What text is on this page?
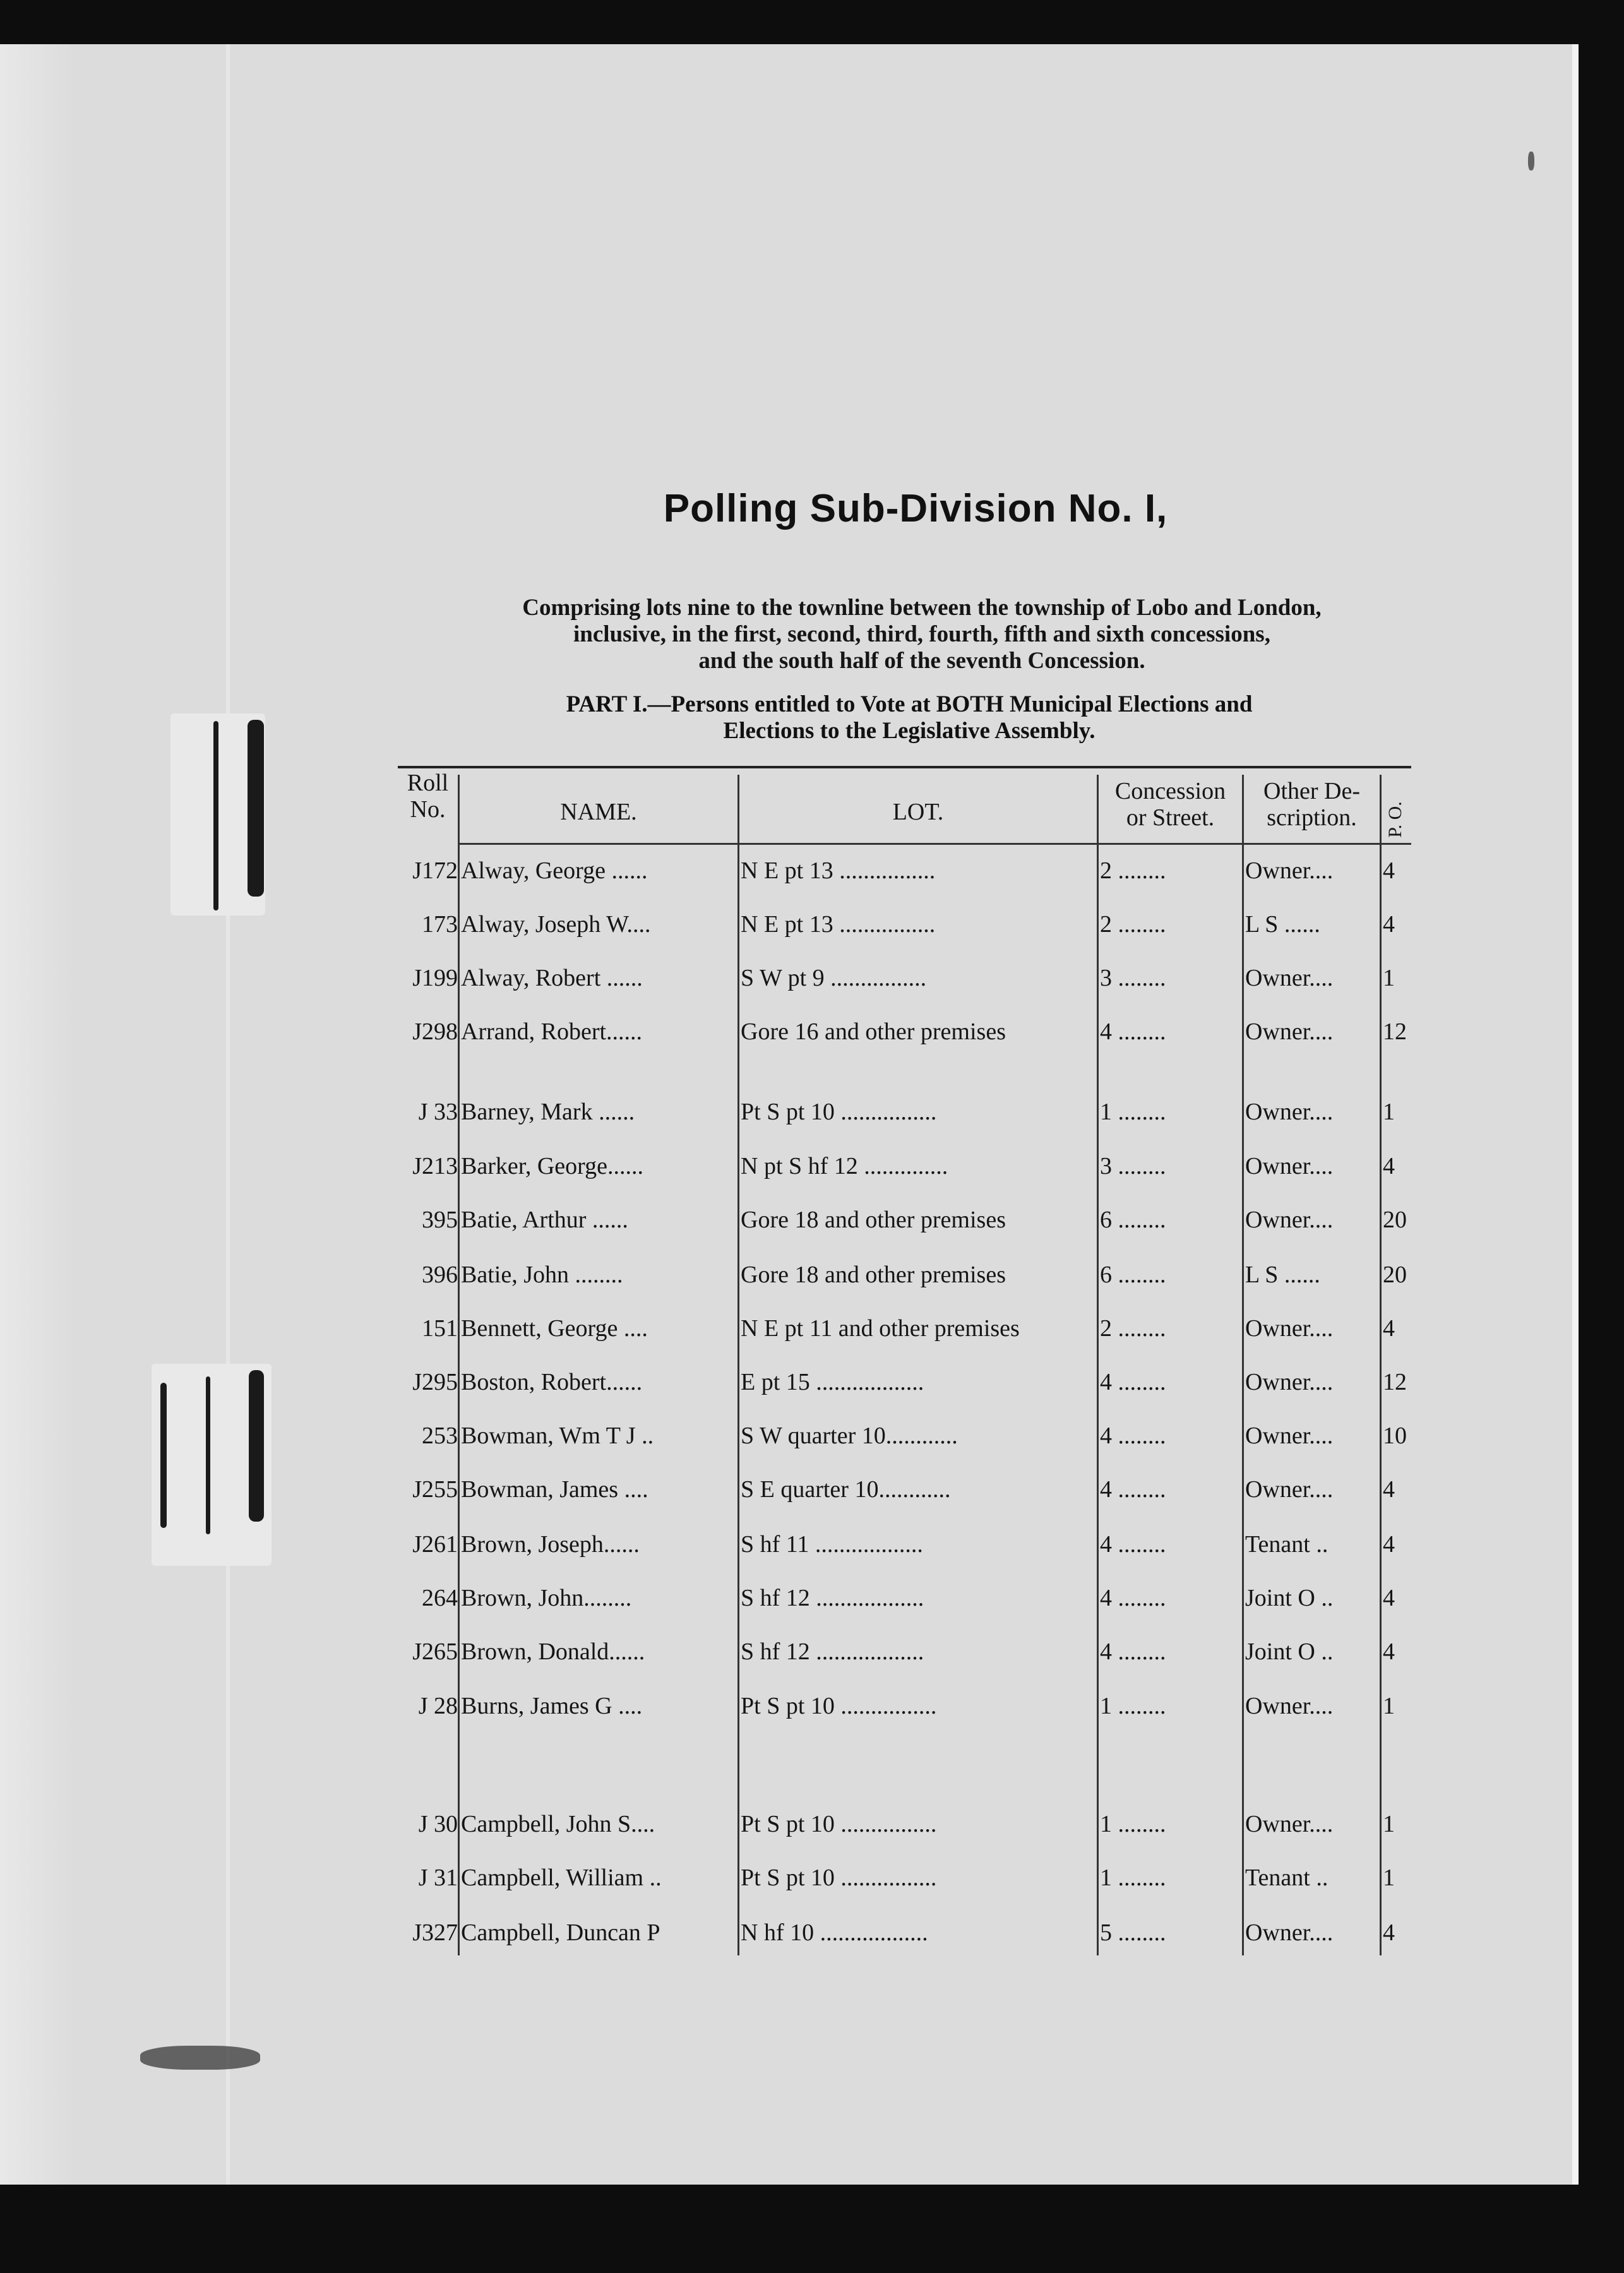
Polling Sub-Division No. I,
Comprising lots nine to the townline between the township of Lobo and London,
inclusive, in the first, second, third, fourth, fifth and sixth concessions,
and the south half of the seventh Concession.
PART I.—Persons entitled to Vote at BOTH Municipal Elections and
Elections to the Legislative Assembly.
Roll
No.	NAME.	LOT.
Concession
or Street.
Other De-
scription.	P. O.
J172 Alway, George ......	N E pt 13 ................	2 ........	Owner....	4
173 Alway, Joseph W....	N E pt 13 ................	2 ........	L S ......	4
J199 Alway, Robert ......	S W pt 9 ................	3 ........	Owner....	1
J298 Arrand, Robert......	Gore 16 and other premises	4 ........	Owner....	12
J 33 Barney, Mark ......	Pt S pt 10 ................	1 ........	Owner....	1
J213 Barker, George......	N pt S hf 12 ..............	3 ........	Owner....	4
395 Batie, Arthur ......	Gore 18 and other premises	6 ........	Owner....	20
396 Batie, John ........	Gore 18 and other premises	6 ........	L S ......	20
151 Bennett, George ....	N E pt 11 and other premises	2 ........	Owner....	4
J295 Boston, Robert......	E pt 15 ..................	4 ........	Owner....	12
253 Bowman, Wm T J ..	S W quarter 10............	4 ........	Owner....	10
J255 Bowman, James ....	S E quarter 10............	4 ........	Owner....	4
J261 Brown, Joseph......	S hf 11 ..................	4 ........	Tenant ..	4
264 Brown, John........	S hf 12 ..................	4 ........	Joint O ..	4
J265 Brown, Donald......	S hf 12 ..................	4 ........	Joint O ..	4
J 28 Burns, James G ....	Pt S pt 10 ................	1 ........	Owner....	1
J 30 Campbell, John S....	Pt S pt 10 ................	1 ........	Owner....	1
J 31 Campbell, William ..	Pt S pt 10 ................	1 ........	Tenant ..	1
J327 Campbell, Duncan P	N hf 10 ..................	5 ........	Owner....	4
